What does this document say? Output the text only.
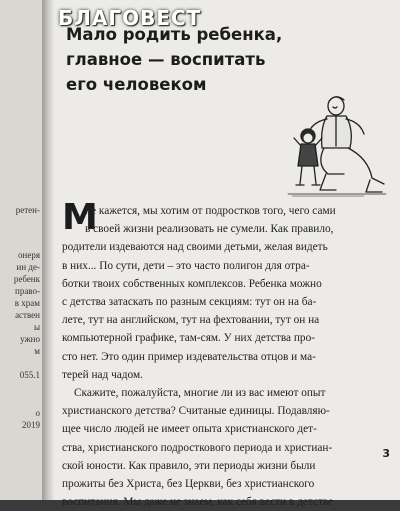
ретен-
онеря
ин де-
ребенк
право-
в храм
аствен
ы
ужно
м
055.1
о
2019
БЛАГОВЕСТ
Мало родить ребенка, главное — воспитать его человеком
М
не кажется, мы хотим от подростков того, чего сами
в своей жизни реализовать не сумели. Как правило,
родители издеваются над своими детьми, желая видеть
в них... По сути, дети – это часто полигон для отра-
ботки твоих собственных комплексов. Ребенка можно
с детства затаскать по разным секциям: тут он на ба-
лете, тут на английском, тут на фехтовании, тут он на
компьютерной графике, там-сям. У них детства про-
сто нет. Это один пример издевательства отцов и ма-
терей над чадом.
Скажите, пожалуйста, многие ли из вас имеют опыт
христианского детства? Считаные единицы. Подавляю-
щее число людей не имеет опыта христианского дет-
ства, христианского подросткового периода и христиан-
ской юности. Как правило, эти периоды жизни были
прожиты без Христа, без Церкви, без христианского
воспитания. Мы даже не знаем, как себя вести в детстве
3
